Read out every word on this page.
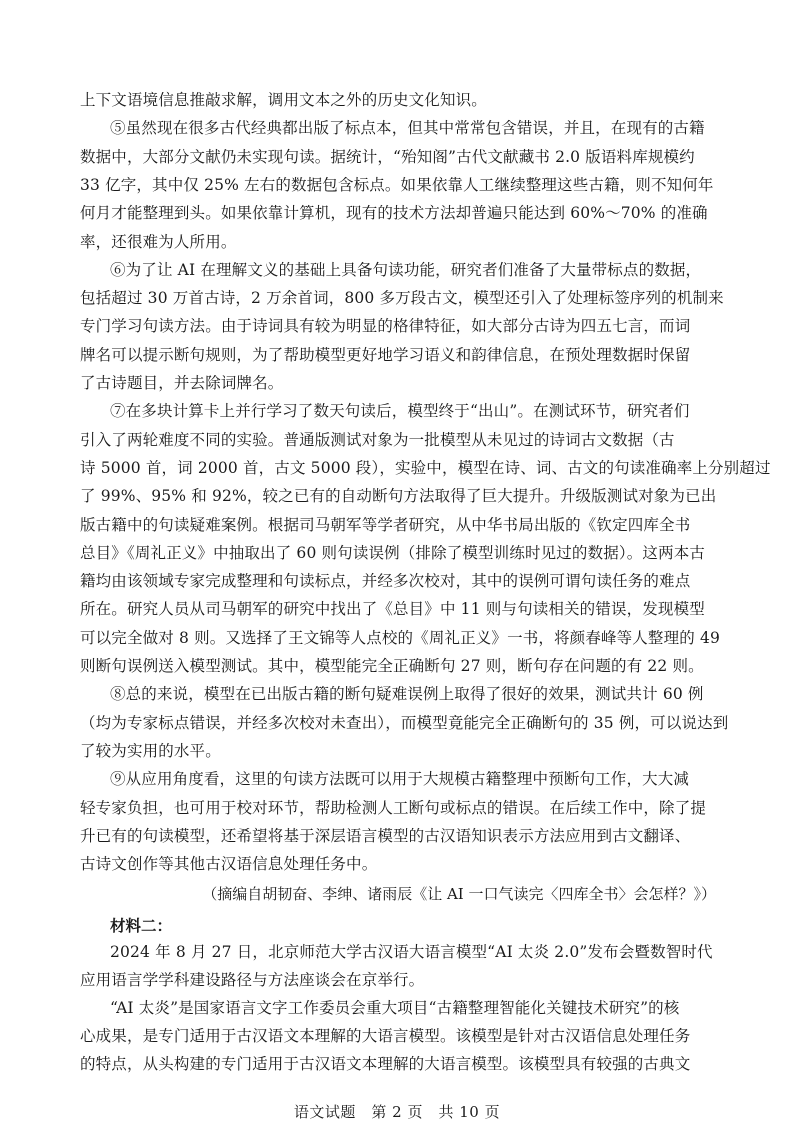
上下文语境信息推敲求解，调用文本之外的历史文化知识。
⑤虽然现在很多古代经典都出版了标点本，但其中常常包含错误，并且，在现有的古籍
数据中，大部分文献仍未实现句读。据统计，“殆知阁”古代文献藏书 2.0 版语料库规模约
33 亿字，其中仅 25% 左右的数据包含标点。如果依靠人工继续整理这些古籍，则不知何年
何月才能整理到头。如果依靠计算机，现有的技术方法却普遍只能达到 60%～70% 的准确
率，还很难为人所用。
⑥为了让 AI 在理解文义的基础上具备句读功能，研究者们准备了大量带标点的数据，
包括超过 30 万首古诗，2 万余首词，800 多万段古文，模型还引入了处理标签序列的机制来
专门学习句读方法。由于诗词具有较为明显的格律特征，如大部分古诗为四五七言，而词
牌名可以提示断句规则，为了帮助模型更好地学习语义和韵律信息，在预处理数据时保留
了古诗题目，并去除词牌名。
⑦在多块计算卡上并行学习了数天句读后，模型终于“出山”。在测试环节，研究者们
引入了两轮难度不同的实验。普通版测试对象为一批模型从未见过的诗词古文数据（古
诗 5000 首，词 2000 首，古文 5000 段），实验中，模型在诗、词、古文的句读准确率上分别超过
了 99%、95% 和 92%，较之已有的自动断句方法取得了巨大提升。升级版测试对象为已出
版古籍中的句读疑难案例。根据司马朝军等学者研究，从中华书局出版的《钦定四库全书
总目》《周礼正义》中抽取出了 60 则句读误例（排除了模型训练时见过的数据）。这两本古
籍均由该领域专家完成整理和句读标点，并经多次校对，其中的误例可谓句读任务的难点
所在。研究人员从司马朝军的研究中找出了《总目》中 11 则与句读相关的错误，发现模型
可以完全做对 8 则。又选择了王文锦等人点校的《周礼正义》一书，将颜春峰等人整理的 49
则断句误例送入模型测试。其中，模型能完全正确断句 27 则，断句存在问题的有 22 则。
⑧总的来说，模型在已出版古籍的断句疑难误例上取得了很好的效果，测试共计 60 例
（均为专家标点错误，并经多次校对未查出），而模型竟能完全正确断句的 35 例，可以说达到
了较为实用的水平。
⑨从应用角度看，这里的句读方法既可以用于大规模古籍整理中预断句工作，大大减
轻专家负担，也可用于校对环节，帮助检测人工断句或标点的错误。在后续工作中，除了提
升已有的句读模型，还希望将基于深层语言模型的古汉语知识表示方法应用到古文翻译、
古诗文创作等其他古汉语信息处理任务中。
（摘编自胡韧奋、李绅、诸雨辰《让 AI 一口气读完〈四库全书〉会怎样？》）
材料二：
2024 年 8 月 27 日，北京师范大学古汉语大语言模型“AI 太炎 2.0”发布会暨数智时代
应用语言学学科建设路径与方法座谈会在京举行。
“AI 太炎”是国家语言文字工作委员会重大项目“古籍整理智能化关键技术研究”的核
心成果，是专门适用于古汉语文本理解的大语言模型。该模型是针对古汉语信息处理任务
的特点，从头构建的专门适用于古汉语文本理解的大语言模型。该模型具有较强的古典文
语文试题　第 2 页　共 10 页
